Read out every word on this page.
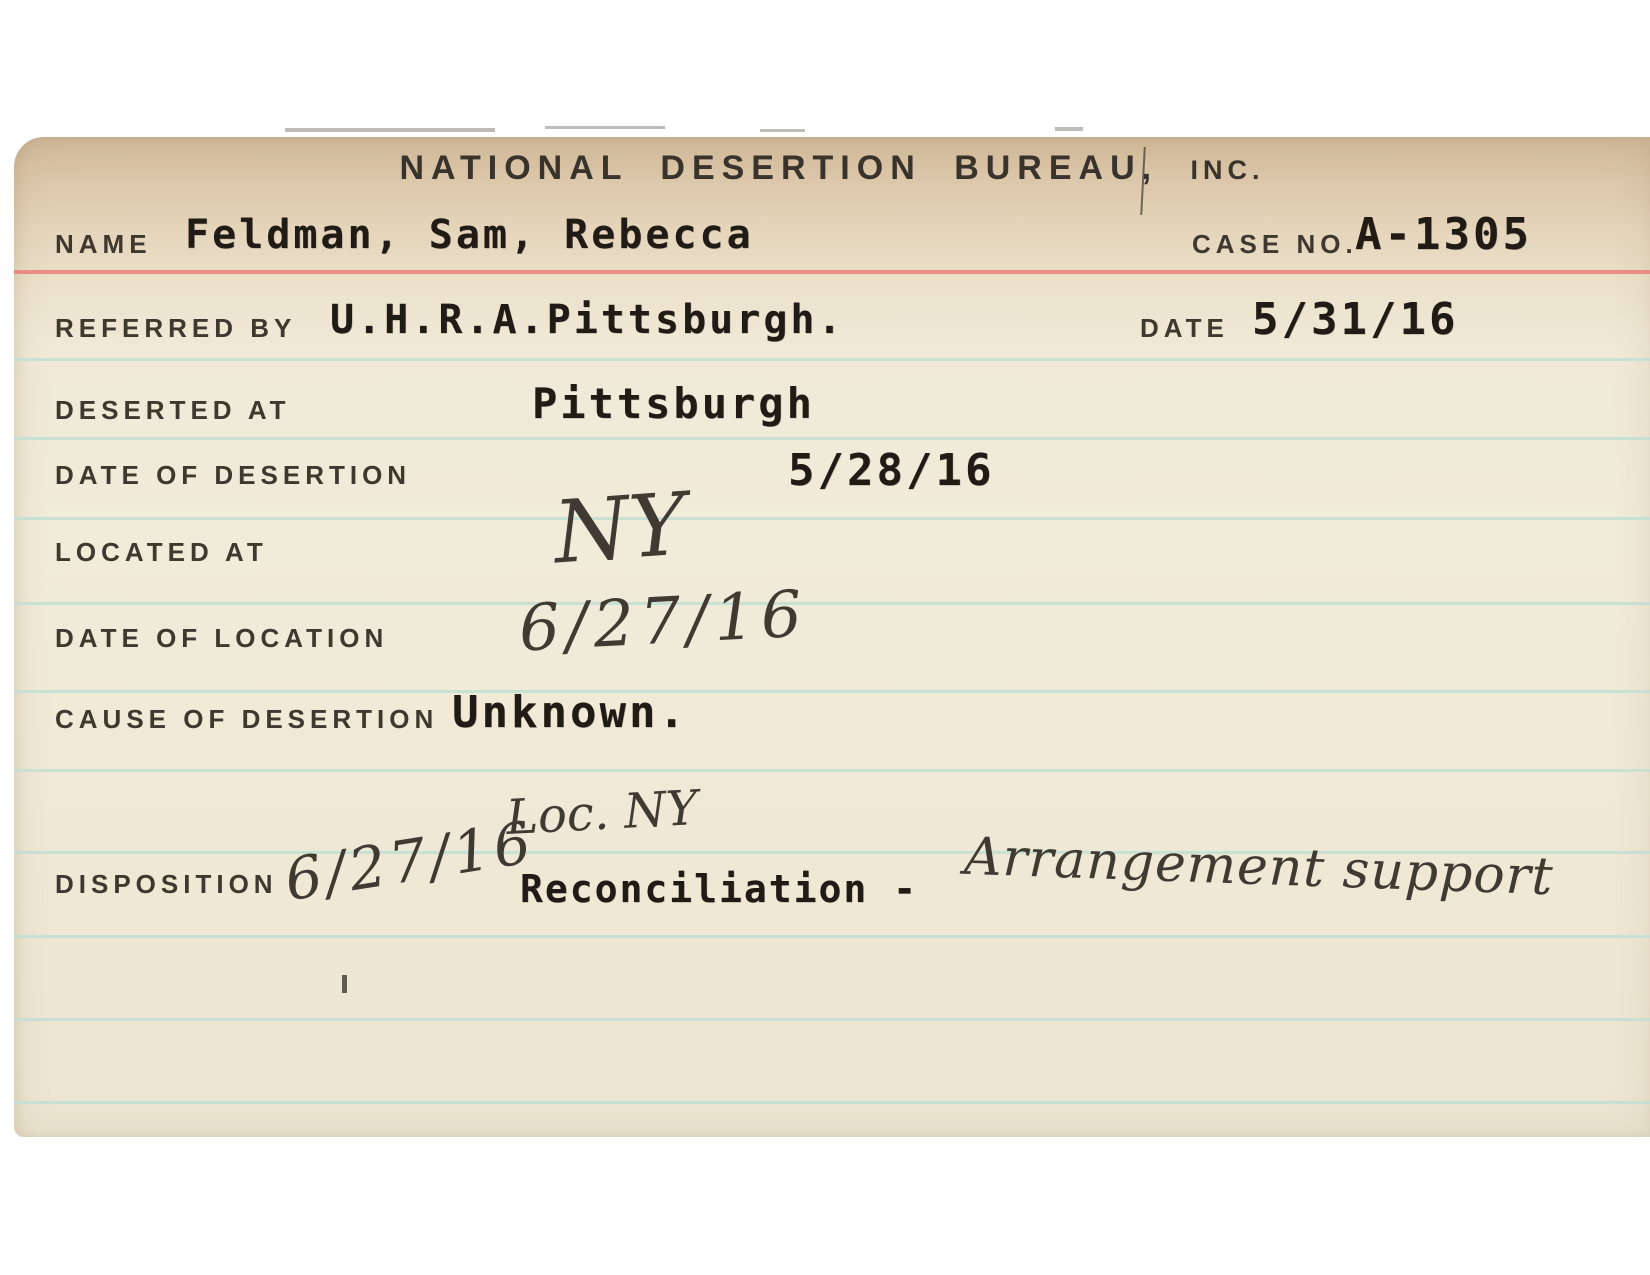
NATIONAL DESERTION BUREAU, INC.
NAME Feldman, Sam, Rebecca	CASE NO.
A-1305
REFERRED BY U.H.R.A.Pittsburgh.	DATE 5/31/16
DESERTED AT	Pittsburgh
DATE OF DESERTION	5/28/16
LOCATED AT	NY
DATE OF LOCATION 6/27/16
CAUSE OF DESERTION Unknown.
DISPOSITION 6/27/16
Loc. NY
Reconciliation - Arrangement support
